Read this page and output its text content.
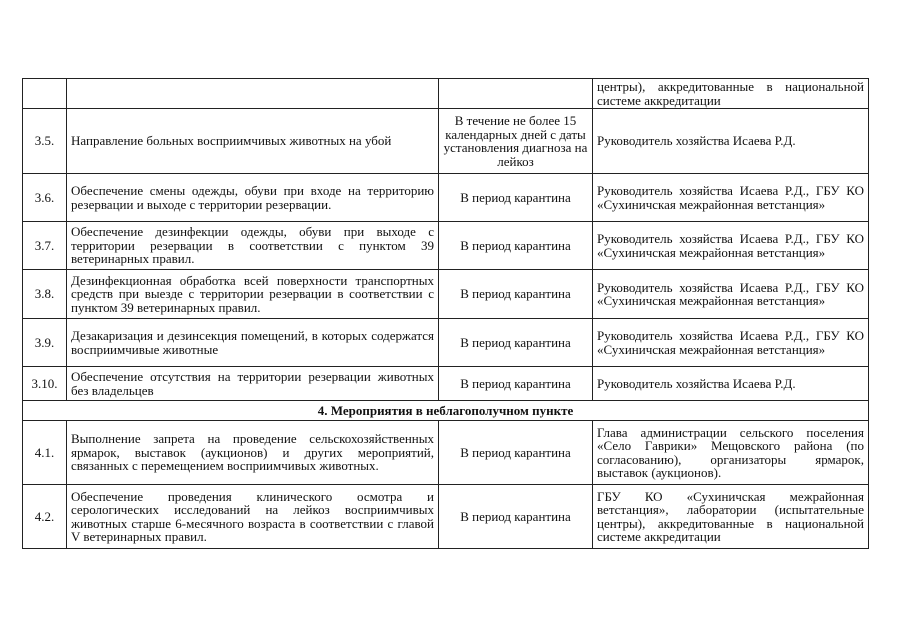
			центры), аккредитованные в национальной системе аккредитации
3.5.	Направление больных восприимчивых животных на убой	В течение не более 15 календарных дней с даты установления диагноза на лейкоз	Руководитель хозяйства Исаева Р.Д.
3.6.	Обеспечение смены одежды, обуви при входе на территорию резервации и выходе с территории резервации.	В период карантина	Руководитель хозяйства Исаева Р.Д., ГБУ КО «Сухиничская межрайонная ветстанция»
3.7.	Обеспечение дезинфекции одежды, обуви при выходе с территории резервации в соответствии с пунктом 39 ветеринарных правил.	В период карантина	Руководитель хозяйства Исаева Р.Д., ГБУ КО «Сухиничская межрайонная ветстанция»
3.8.	Дезинфекционная обработка всей поверхности транспортных средств при выезде с территории резервации в соответствии с пунктом 39 ветеринарных правил.	В период карантина	Руководитель хозяйства Исаева Р.Д., ГБУ КО «Сухиничская межрайонная ветстанция»
3.9.	Дезакаризация и дезинсекция помещений, в которых содержатся восприимчивые животные	В период карантина	Руководитель хозяйства Исаева Р.Д., ГБУ КО «Сухиничская межрайонная ветстанция»
3.10.	Обеспечение отсутствия на территории резервации животных без владельцев	В период карантина	Руководитель хозяйства Исаева Р.Д.
4. Мероприятия в неблагополучном пункте			
4.1.	Выполнение запрета на проведение сельскохозяйственных ярмарок, выставок (аукционов) и других мероприятий, связанных с перемещением восприимчивых животных.	В период карантина	Глава администрации сельского поселения «Село Гаврики» Мещовского района (по согласованию), организаторы ярмарок, выставок (аукционов).
4.2.	Обеспечение проведения клинического осмотра и серологических исследований на лейкоз восприимчивых животных старше 6-месячного возраста в соответствии с главой V ветеринарных правил.	В период карантина	ГБУ КО «Сухиничская межрайонная ветстанция», лаборатории (испытательные центры), аккредитованные в национальной системе аккредитации
